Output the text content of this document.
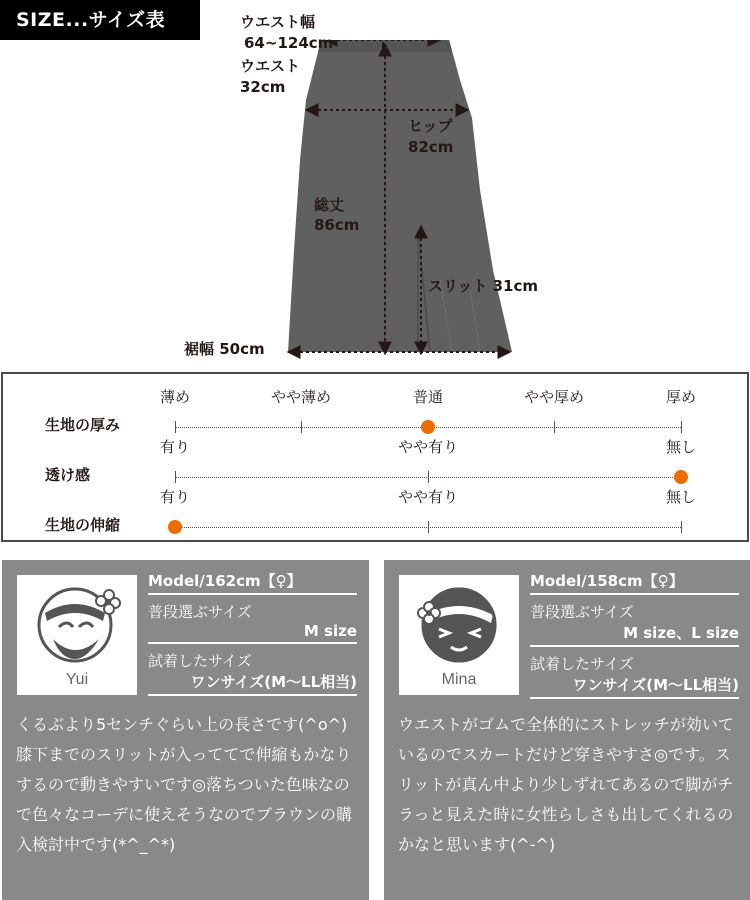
SIZE...サイズ表	ウエスト幅
64~124cm
ウエスト
32cm
ヒップ
82cm
総丈
86cm
スリット 31cm
裾幅 50cm
生地の厚み
薄め	やや薄め	普通	やや厚め	厚め
透け感
有り	やや有り	無し
生地の伸縮
有り	やや有り	無し
Yui
Model/162cm【♀】
普段選ぶサイズ
M size
試着したサイズ
ワンサイズ(M〜LL相当)
くるぶより5センチぐらい上の長さです(^o^)膝下までのスリットが入っててで伸縮もかなりするので動きやすいです◎落ちついた色味なので色々なコーデに使えそうなのでブラウンの購入検討中です(*^_^*)
Mina
Model/158cm【♀】
普段選ぶサイズ
M size、L size
試着したサイズ
ワンサイズ(M〜LL相当)
ウエストがゴムで全体的にストレッチが効いているのでスカートだけど穿きやすさ◎です。スリットが真ん中より少しずれてあるので脚がチラっと見えた時に女性らしさも出してくれるのかなと思います(^-^)
